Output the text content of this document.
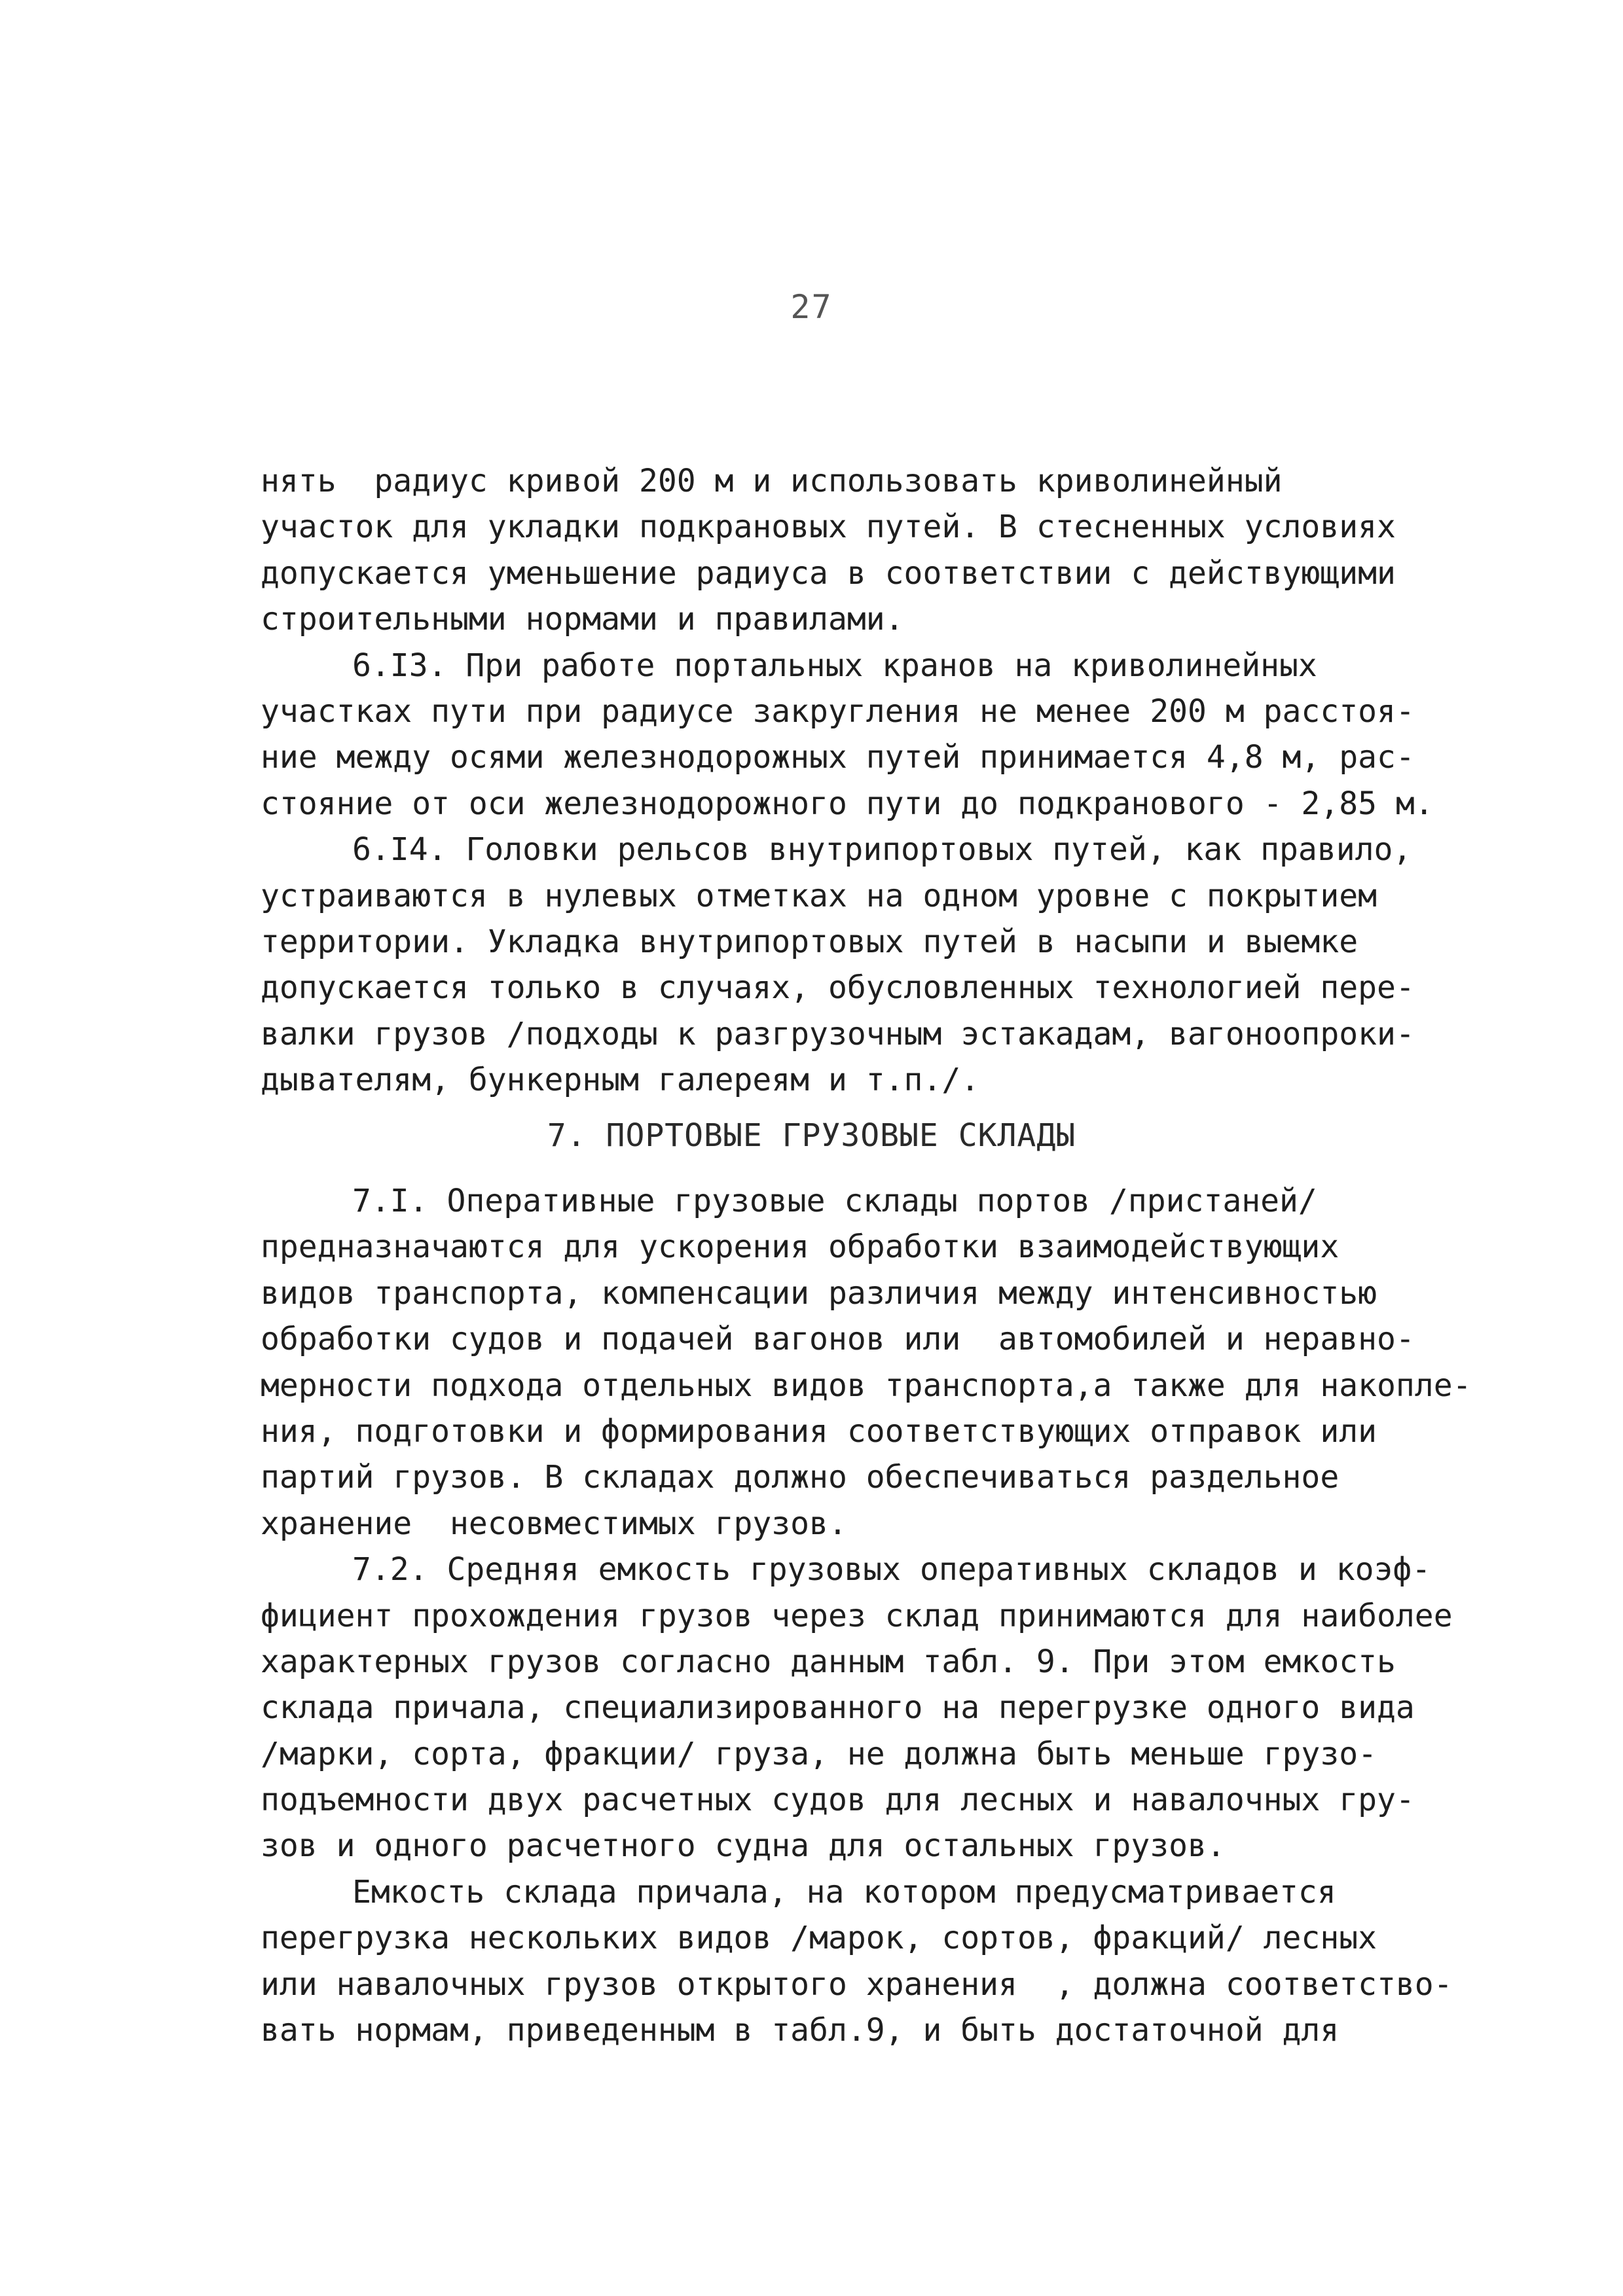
27
нять  радиус кривой 200 м и использовать криволинейный
участок для укладки подкрановых путей. В стесненных условиях
допускается уменьшение радиуса в соответствии с действующими
строительными нормами и правилами.
6.I3. При работе портальных кранов на криволинейных
участках пути при радиусе закругления не менее 200 м расстоя-
ние между осями железнодорожных путей принимается 4,8 м, рас-
стояние от оси железнодорожного пути до подкранового - 2,85 м.
6.I4. Головки рельсов внутрипортовых путей, как правило,
устраиваются в нулевых отметках на одном уровне с покрытием
территории. Укладка внутрипортовых путей в насыпи и выемке
допускается только в случаях, обусловленных технологией пере-
валки грузов /подходы к разгрузочным эстакадам, вагоноопроки-
дывателям, бункерным галереям и т.п./.
7. ПОРТОВЫЕ ГРУЗОВЫЕ СКЛАДЫ
7.I. Оперативные грузовые склады портов /пристаней/
предназначаются для ускорения обработки взаимодействующих
видов транспорта, компенсации различия между интенсивностью
обработки судов и подачей вагонов или  автомобилей и неравно-
мерности подхода отдельных видов транспорта,а также для накопле-
ния, подготовки и формирования соответствующих отправок или
партий грузов. В складах должно обеспечиваться раздельное
хранение  несовместимых грузов.
7.2. Средняя емкость грузовых оперативных складов и коэф-
фициент прохождения грузов через склад принимаются для наиболее
характерных грузов согласно данным табл. 9. При этом емкость
склада причала, специализированного на перегрузке одного вида
/марки, сорта, фракции/ груза, не должна быть меньше грузо-
подъемности двух расчетных судов для лесных и навалочных гру-
зов и одного расчетного судна для остальных грузов.
Емкость склада причала, на котором предусматривается
перегрузка нескольких видов /марок, сортов, фракций/ лесных
или навалочных грузов открытого хранения  , должна соответство-
вать нормам, приведенным в табл.9, и быть достаточной для
